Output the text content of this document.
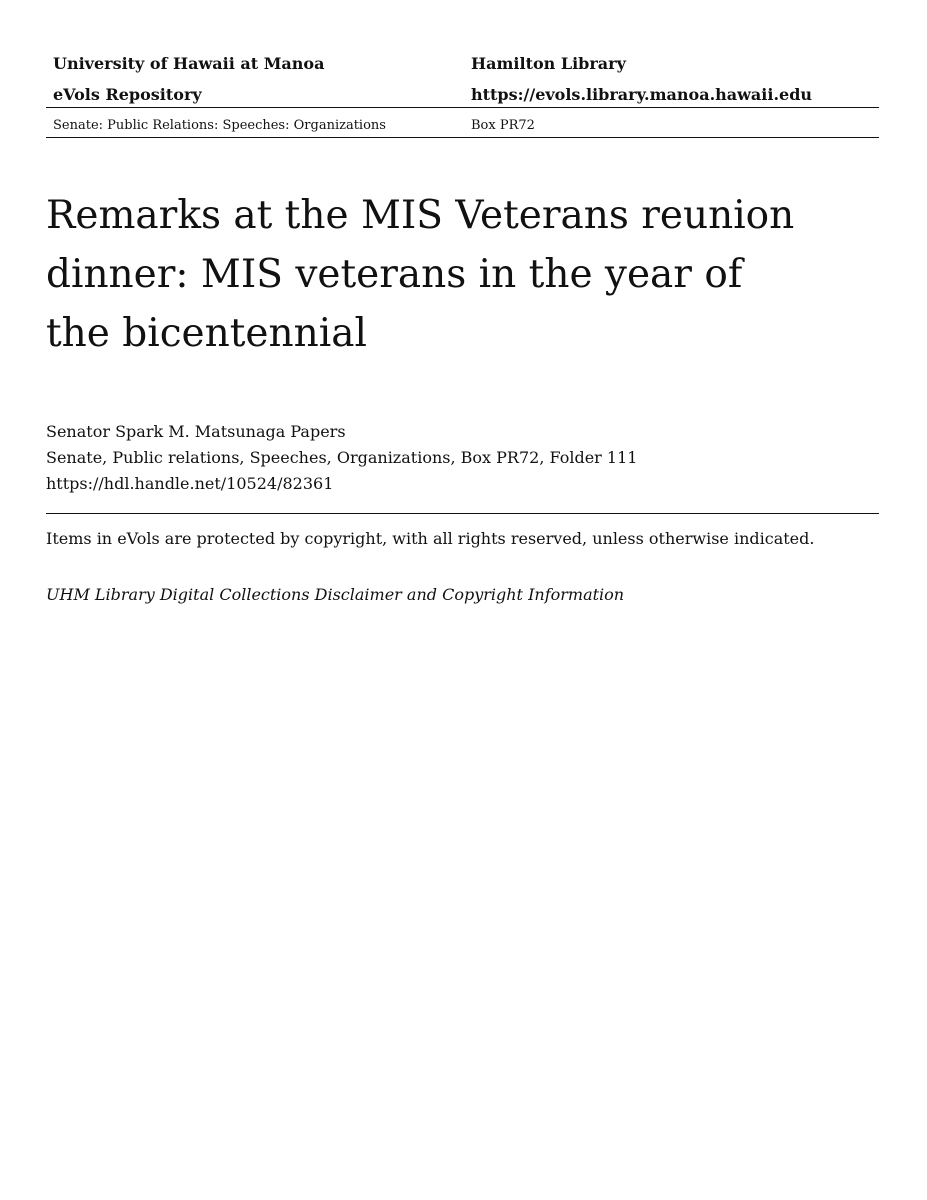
University of Hawaii at Manoa
eVols Repository
Hamilton Library
https://evols.library.manoa.hawaii.edu
Senate: Public Relations: Speeches: Organizations	Box PR72
Remarks at the MIS Veterans reunion
dinner: MIS veterans in the year of
the bicentennial
Senator Spark M. Matsunaga Papers
Senate, Public relations, Speeches, Organizations, Box PR72, Folder 111
https://hdl.handle.net/10524/82361
Items in eVols are protected by copyright, with all rights reserved, unless otherwise indicated.
UHM Library Digital Collections Disclaimer and Copyright Information
